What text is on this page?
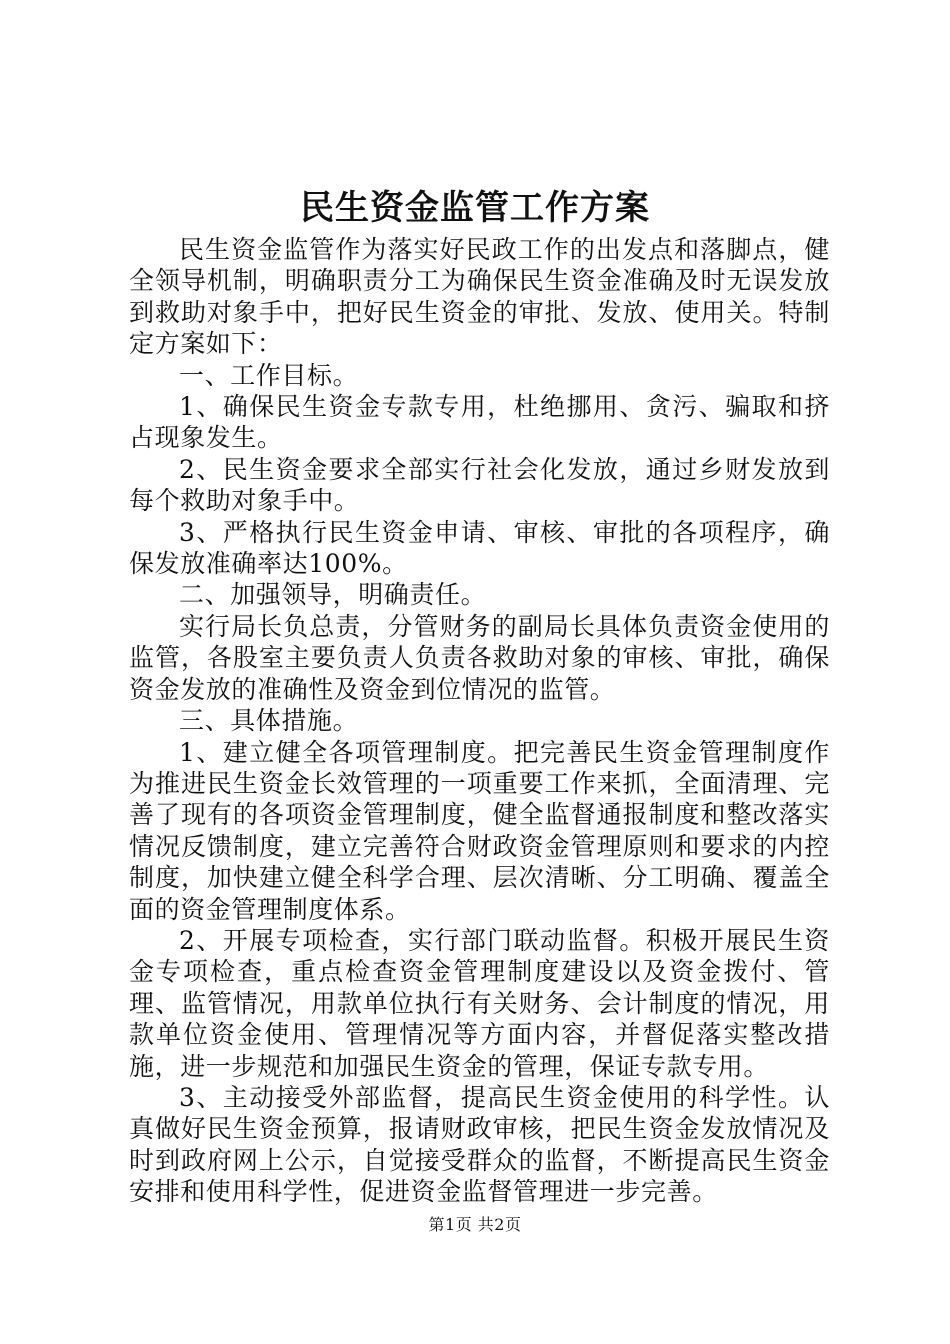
民生资金监管工作方案

民生资金监管作为落实好民政工作的出发点和落脚点，健全领导机制，明确职责分工为确保民生资金准确及时无误发放到救助对象手中，把好民生资金的审批、发放、使用关。特制定方案如下：

一、工作目标。

1、确保民生资金专款专用，杜绝挪用、贪污、骗取和挤占现象发生。

2、民生资金要求全部实行社会化发放，通过乡财发放到每个救助对象手中。

3、严格执行民生资金申请、审核、审批的各项程序，确保发放准确率达100%。

二、加强领导，明确责任。

实行局长负总责，分管财务的副局长具体负责资金使用的监管，各股室主要负责人负责各救助对象的审核、审批，确保资金发放的准确性及资金到位情况的监管。

三、具体措施。

1、建立健全各项管理制度。把完善民生资金管理制度作为推进民生资金长效管理的一项重要工作来抓，全面清理、完善了现有的各项资金管理制度，健全监督通报制度和整改落实情况反馈制度，建立完善符合财政资金管理原则和要求的内控制度，加快建立健全科学合理、层次清晰、分工明确、覆盖全面的资金管理制度体系。

2、开展专项检查，实行部门联动监督。积极开展民生资金专项检查，重点检查资金管理制度建设以及资金拨付、管理、监管情况，用款单位执行有关财务、会计制度的情况，用款单位资金使用、管理情况等方面内容，并督促落实整改措施，进一步规范和加强民生资金的管理，保证专款专用。

3、主动接受外部监督，提高民生资金使用的科学性。认真做好民生资金预算，报请财政审核，把民生资金发放情况及时到政府网上公示，自觉接受群众的监督，不断提高民生资金安排和使用科学性，促进资金监督管理进一步完善。

第1页 共2页
